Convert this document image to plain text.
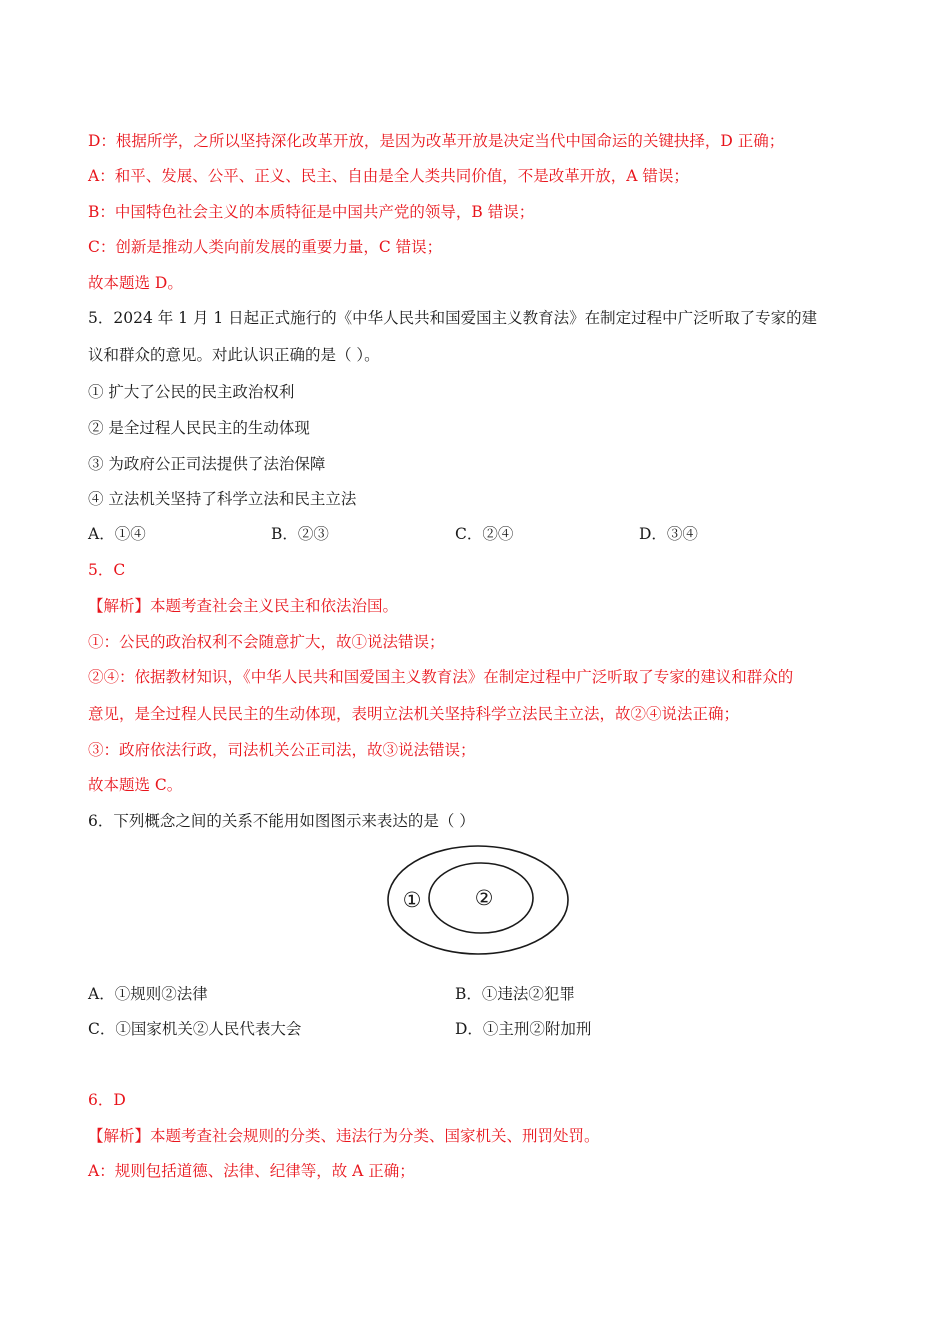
D：根据所学，之所以坚持深化改革开放，是因为改革开放是决定当代中国命运的关键抉择，D 正确；
A：和平、发展、公平、正义、民主、自由是全人类共同价值，不是改革开放，A 错误；
B：中国特色社会主义的本质特征是中国共产党的领导，B 错误；
C：创新是推动人类向前发展的重要力量，C 错误；
故本题选 D。
5．2024 年 1 月 1 日起正式施行的《中华人民共和国爱国主义教育法》在制定过程中广泛听取了专家的建
议和群众的意见。对此认识正确的是（ ）。
① 扩大了公民的民主政治权利
② 是全过程人民民主的生动体现
③ 为政府公正司法提供了法治保障
④ 立法机关坚持了科学立法和民主立法
A．①④	B．②③	C．②④	D．③④
5．C
【解析】本题考查社会主义民主和依法治国。
①：公民的政治权利不会随意扩大，故①说法错误；
②④：依据教材知识，《中华人民共和国爱国主义教育法》在制定过程中广泛听取了专家的建议和群众的
意见，是全过程人民民主的生动体现，表明立法机关坚持科学立法民主立法，故②④说法正确；
③：政府依法行政，司法机关公正司法，故③说法错误；
故本题选 C。
6．下列概念之间的关系不能用如图图示来表达的是（ ）
①	②
A．①规则②法律	B．①违法②犯罪
C．①国家机关②人民代表大会	D．①主刑②附加刑
6．D
【解析】本题考查社会规则的分类、违法行为分类、国家机关、刑罚处罚。
A：规则包括道德、法律、纪律等，故 A 正确；
